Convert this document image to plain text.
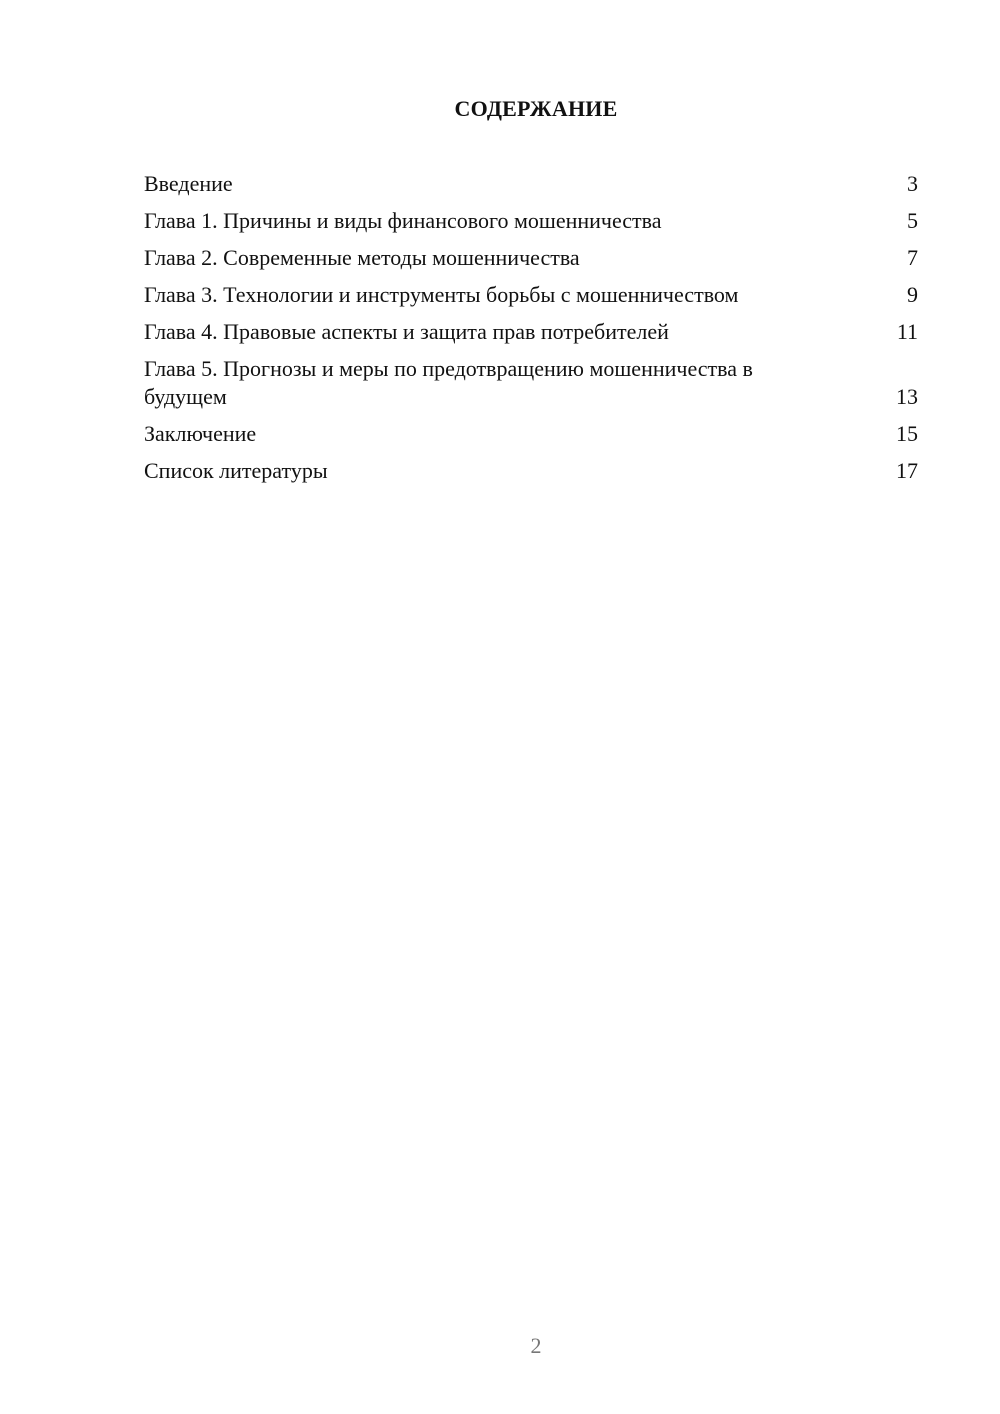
СОДЕРЖАНИЕ
Введение	3
Глава 1. Причины и виды финансового мошенничества	5
Глава 2. Современные методы мошенничества	7
Глава 3. Технологии и инструменты борьбы с мошенничеством	9
Глава 4. Правовые аспекты и защита прав потребителей	11
Глава 5. Прогнозы и меры по предотвращению мошенничества в будущем	13
Заключение	15
Список литературы	17
2
